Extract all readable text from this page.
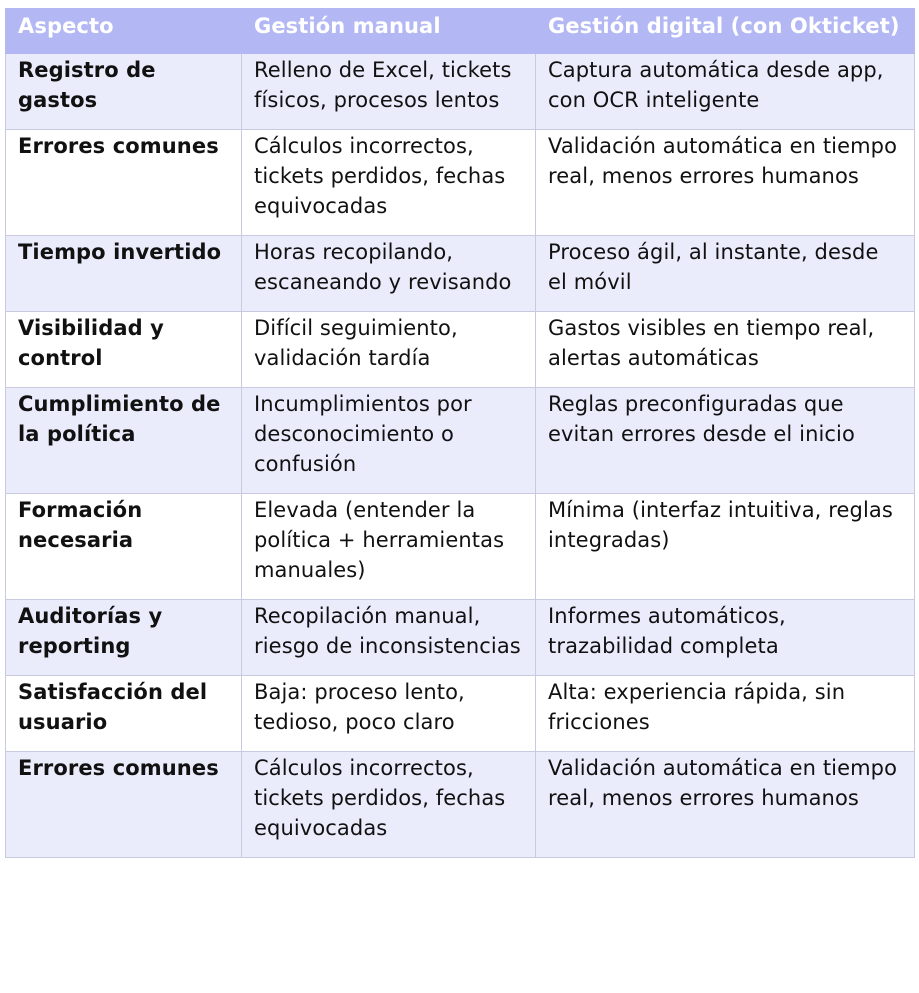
Aspecto	Gestión manual	Gestión digital (con Okticket)
Registro de gastos	Relleno de Excel, tickets físicos, procesos lentos	Captura automática desde app, con OCR inteligente
Errores comunes	Cálculos incorrectos, tickets perdidos, fechas equivocadas	Validación automática en tiempo real, menos errores humanos
Tiempo invertido	Horas recopilando, escaneando y revisando	Proceso ágil, al instante, desde el móvil
Visibilidad y control	Difícil seguimiento, validación tardía	Gastos visibles en tiempo real, alertas automáticas
Cumplimiento de la política	Incumplimientos por desconocimiento o confusión	Reglas preconfiguradas que evitan errores desde el inicio
Formación necesaria	Elevada (entender la política + herramientas manuales)	Mínima (interfaz intuitiva, reglas integradas)
Auditorías y reporting	Recopilación manual, riesgo de inconsistencias	Informes automáticos, trazabilidad completa
Satisfacción del usuario	Baja: proceso lento, tedioso, poco claro	Alta: experiencia rápida, sin fricciones
Errores comunes	Cálculos incorrectos, tickets perdidos, fechas equivocadas	Validación automática en tiempo real, menos errores humanos
